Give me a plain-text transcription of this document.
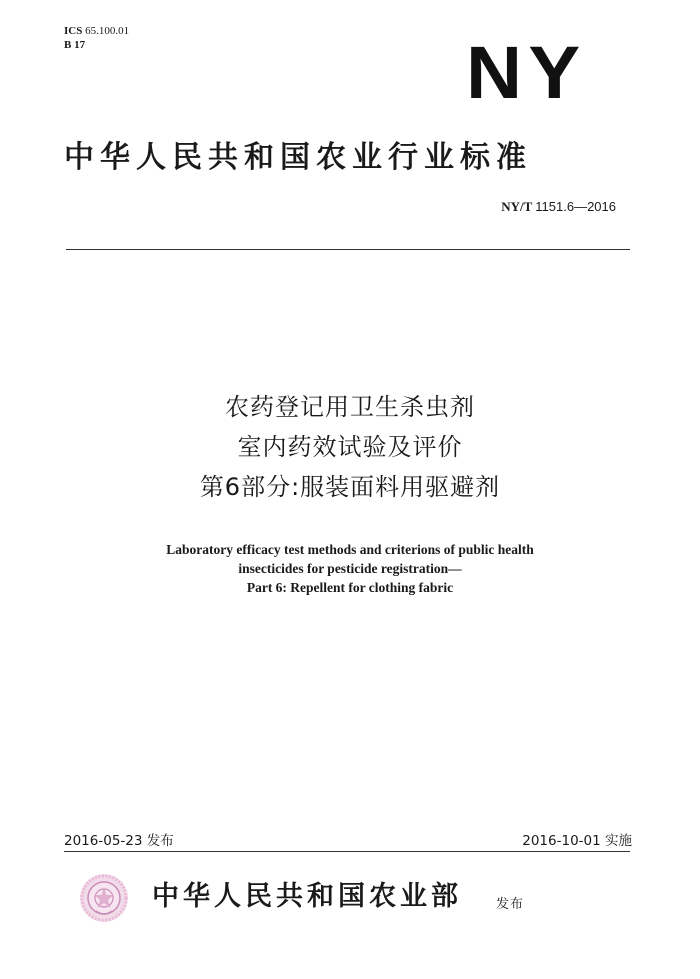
ICS 65.100.01
B 17	NY
中华人民共和国农业行业标准
NY/T 1151.6—2016
农药登记用卫生杀虫剂
室内药效试验及评价
第6部分:服装面料用驱避剂
Laboratory efficacy test methods and criterions of public health
insecticides for pesticide registration—
Part 6: Repellent for clothing fabric
2016-05-23 发布	2016-10-01 实施
中华人民共和国农业部	发布
